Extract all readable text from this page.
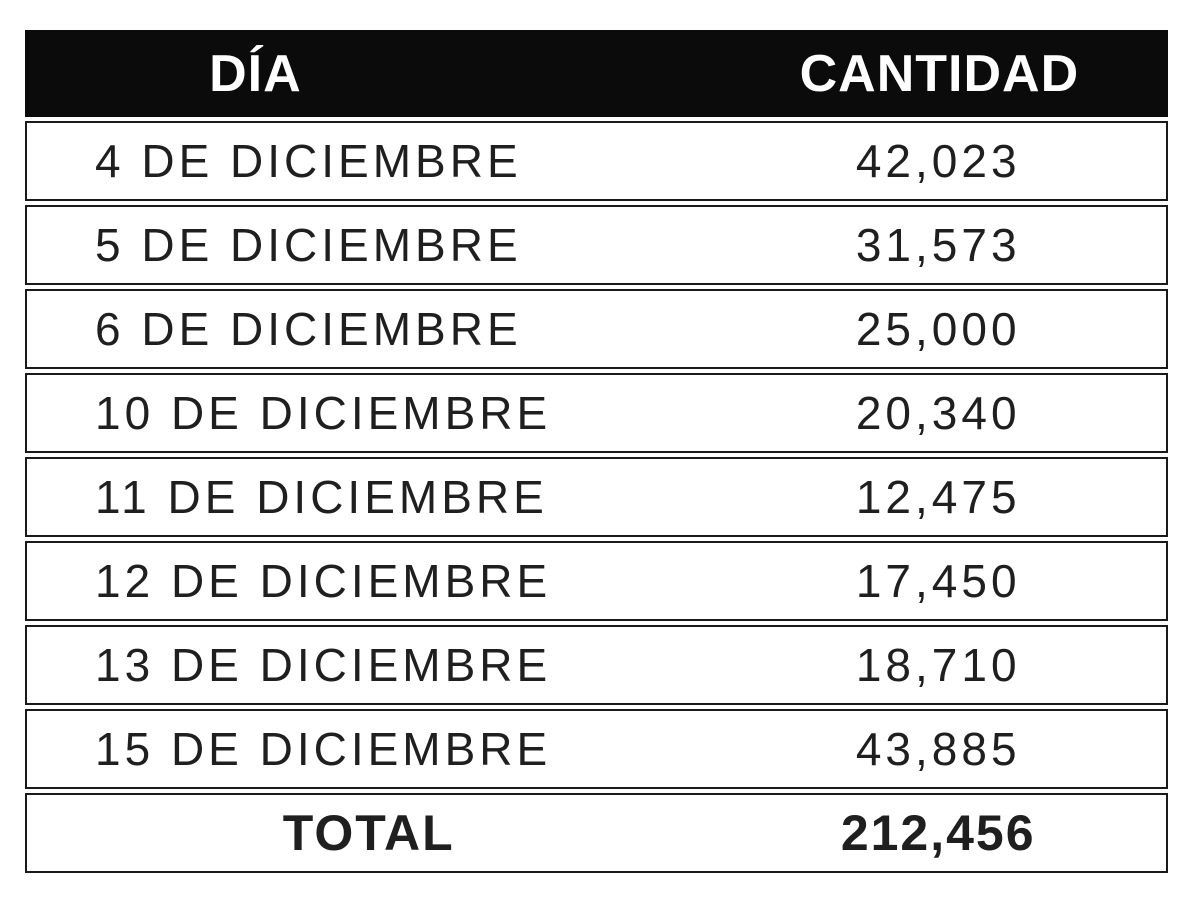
DÍA	CANTIDAD
4 DE DICIEMBRE	42,023
5 DE DICIEMBRE	31,573
6 DE DICIEMBRE	25,000
10 DE DICIEMBRE	20,340
11 DE DICIEMBRE	12,475
12 DE DICIEMBRE	17,450
13 DE DICIEMBRE	18,710
15 DE DICIEMBRE	43,885
TOTAL	212,456
